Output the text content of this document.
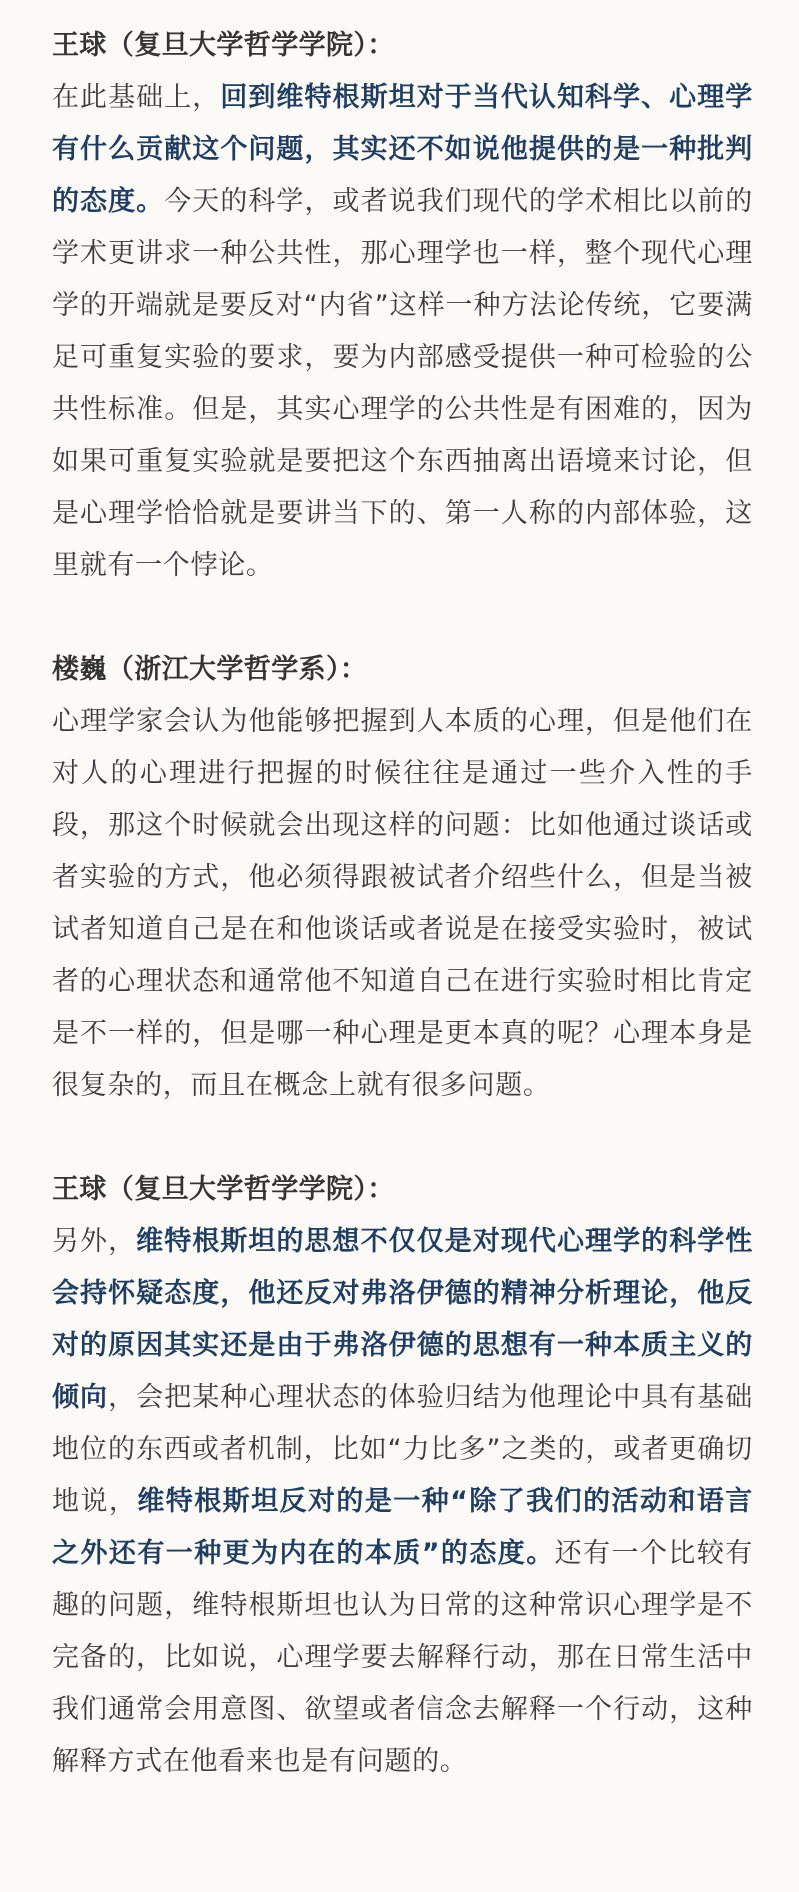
王球（复旦大学哲学学院）：

在此基础上，回到维特根斯坦对于当代认知科学、心理学有什么贡献这个问题，其实还不如说他提供的是一种批判的态度。今天的科学，或者说我们现代的学术相比以前的学术更讲求一种公共性，那心理学也一样，整个现代心理学的开端就是要反对“内省”这样一种方法论传统，它要满足可重复实验的要求，要为内部感受提供一种可检验的公共性标准。但是，其实心理学的公共性是有困难的，因为如果可重复实验就是要把这个东西抽离出语境来讨论，但是心理学恰恰就是要讲当下的、第一人称的内部体验，这里就有一个悖论。

楼巍（浙江大学哲学系）：

心理学家会认为他能够把握到人本质的心理，但是他们在对人的心理进行把握的时候往往是通过一些介入性的手段，那这个时候就会出现这样的问题：比如他通过谈话或者实验的方式，他必须得跟被试者介绍些什么，但是当被试者知道自己是在和他谈话或者说是在接受实验时，被试者的心理状态和通常他不知道自己在进行实验时相比肯定是不一样的，但是哪一种心理是更本真的呢？心理本身是很复杂的，而且在概念上就有很多问题。

王球（复旦大学哲学学院）：

另外，维特根斯坦的思想不仅仅是对现代心理学的科学性会持怀疑态度，他还反对弗洛伊德的精神分析理论，他反对的原因其实还是由于弗洛伊德的思想有一种本质主义的倾向，会把某种心理状态的体验归结为他理论中具有基础地位的东西或者机制，比如“力比多”之类的，或者更确切地说，维特根斯坦反对的是一种“除了我们的活动和语言之外还有一种更为内在的本质”的态度。还有一个比较有趣的问题，维特根斯坦也认为日常的这种常识心理学是不完备的，比如说，心理学要去解释行动，那在日常生活中我们通常会用意图、欲望或者信念去解释一个行动，这种解释方式在他看来也是有问题的。
